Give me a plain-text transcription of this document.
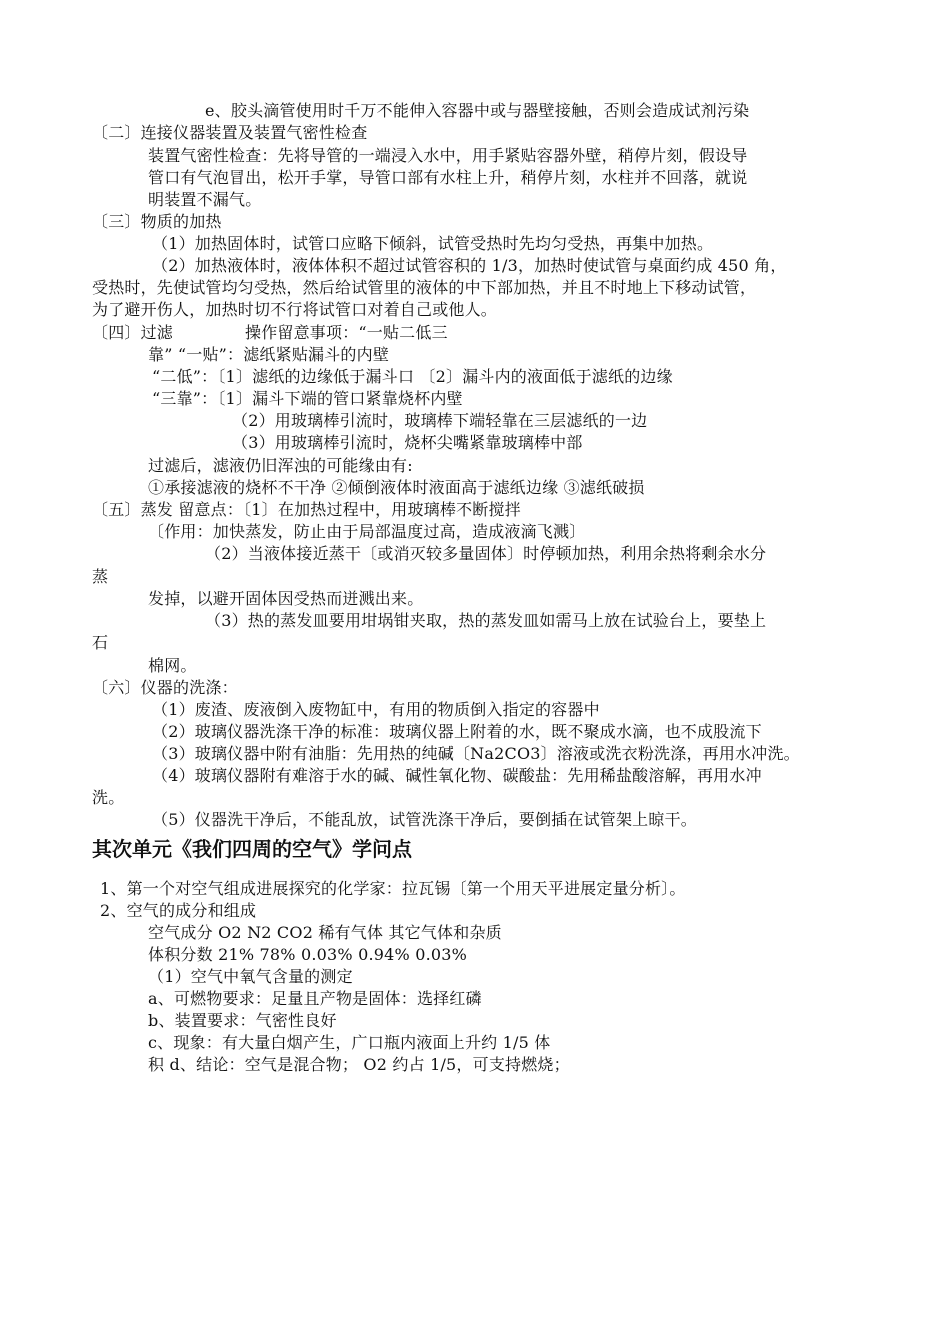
e、胶头滴管使用时千万不能伸入容器中或与器壁接触，否则会造成试剂污染
〔二〕连接仪器装置及装置气密性检查
装置气密性检查：先将导管的一端浸入水中，用手紧贴容器外壁，稍停片刻，假设导
管口有气泡冒出，松开手掌，导管口部有水柱上升，稍停片刻，水柱并不回落，就说
明装置不漏气。
〔三〕物质的加热
（1）加热固体时，试管口应略下倾斜，试管受热时先均匀受热，再集中加热。
（2）加热液体时，液体体积不超过试管容积的 1/3，加热时使试管与桌面约成 450 角，
受热时，先使试管均匀受热，然后给试管里的液体的中下部加热，并且不时地上下移动试管，
为了避开伤人，加热时切不行将试管口对着自己或他人。
〔四〕过滤	操作留意事项：“一贴二低三
靠” “一贴”：滤纸紧贴漏斗的内壁
“二低”：〔1〕滤纸的边缘低于漏斗口 〔2〕漏斗内的液面低于滤纸的边缘
“三靠”：〔1〕漏斗下端的管口紧靠烧杯内壁
（2）用玻璃棒引流时，玻璃棒下端轻靠在三层滤纸的一边
（3）用玻璃棒引流时，烧杯尖嘴紧靠玻璃棒中部
过滤后，滤液仍旧浑浊的可能缘由有:
①承接滤液的烧杯不干净 ②倾倒液体时液面高于滤纸边缘 ③滤纸破损
〔五〕蒸发 留意点：〔1〕在加热过程中，用玻璃棒不断搅拌
〔作用：加快蒸发，防止由于局部温度过高，造成液滴飞溅〕
（2）当液体接近蒸干〔或消灭较多量固体〕时停顿加热，利用余热将剩余水分
蒸
发掉，以避开固体因受热而迸溅出来。
（3）热的蒸发皿要用坩埚钳夹取，热的蒸发皿如需马上放在试验台上，要垫上
石
棉网。
〔六〕仪器的洗涤：
（1）废渣、废液倒入废物缸中，有用的物质倒入指定的容器中
（2）玻璃仪器洗涤干净的标准：玻璃仪器上附着的水，既不聚成水滴，也不成股流下
（3）玻璃仪器中附有油脂：先用热的纯碱〔Na2CO3〕溶液或洗衣粉洗涤，再用水冲洗。
（4）玻璃仪器附有难溶于水的碱、碱性氧化物、碳酸盐：先用稀盐酸溶解，再用水冲
洗。
（5）仪器洗干净后，不能乱放，试管洗涤干净后，要倒插在试管架上晾干。
其次单元《我们四周的空气》学问点
1、第一个对空气组成进展探究的化学家：拉瓦锡〔第一个用天平进展定量分析〕。
2、空气的成分和组成
空气成分 O2 N2 CO2 稀有气体 其它气体和杂质
体积分数 21% 78% 0.03% 0.94% 0.03%
（1）空气中氧气含量的测定
a、可燃物要求：足量且产物是固体：选择红磷
b、装置要求：气密性良好
c、现象：有大量白烟产生，广口瓶内液面上升约 1/5 体
积 d、结论：空气是混合物； O2 约占 1/5，可支持燃烧；
